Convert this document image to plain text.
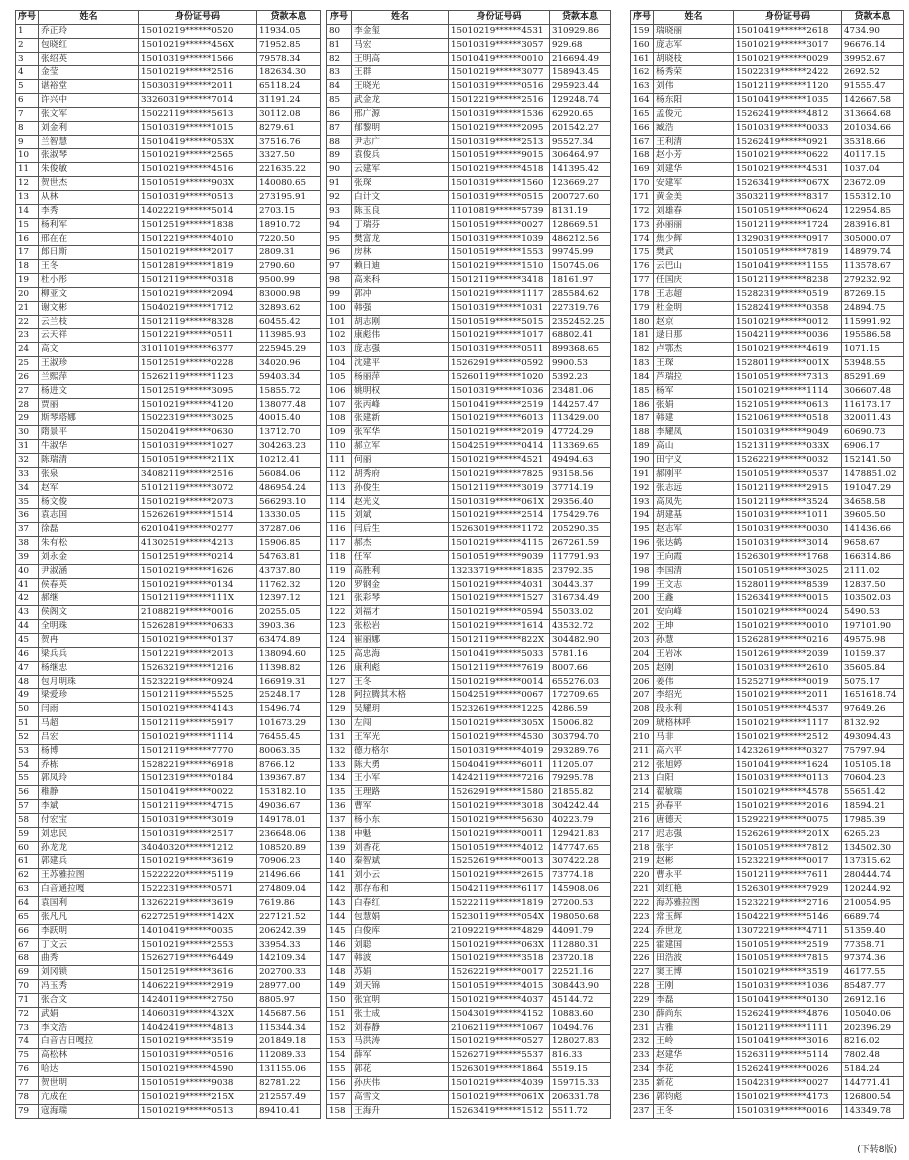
序号	姓名	身份证号码	贷款本息
1	乔正玲	15010219******0520	11934.05
2	包晓红	15010219******456X	71952.85
3	张绍英	15010319******1566	79578.34
4	金莹	15010219******2516	182634.30
5	谌裕堂	15030319******2011	65118.24
6	许兴中	33260319******7014	31191.24
7	张文军	15022119******5613	30112.08
8	刘金利	15010319******1015	8279.61
9	兰智慧	15010419******053X	37516.76
10	张淑琴	15010219******2565	3327.50
11	朱俊敏	15010219******4516	221635.22
12	贺世杰	15010519******903X	140080.65
13	从林	15010319******0513	273195.91
14	李秀	14022219******5014	2703.15
15	杨利军	15012519******1838	18910.72
16	邢在在	15012219******4010	7220.50
17	郎日斯	15010219******2017	2809.31
18	王冬	15012819******1819	2790.60
19	杜小彤	15012119******0318	9500.99
20	柳亚文	15010219******2094	83000.98
21	谢文彬	15040219******1712	32893.62
22	云兰枝	15012119******8328	60455.42
23	云天祥	15012219******0511	113985.93
24	高文	31011019******6377	225945.29
25	王淑珍	15012519******0228	34020.96
26	兰熙萍	15262119******1123	59403.34
27	杨进文	15012519******3095	15855.72
28	贾丽	15010219******4120	138077.48
29	斯琴塔娜	15022319******3025	40015.40
30	隋景平	15020419******0630	13712.70
31	牛淑华	15010319******1027	304263.23
32	陈瑞清	15010519******211X	10212.41
33	张泉	34082119******2516	56084.06
34	赵军	51012119******3072	486954.24
35	杨文俊	15010219******2073	566293.10
36	袁志国	15262619******1514	13330.05
37	徐磊	62010419******0277	37287.06
38	朱有松	41302519******4213	15906.85
39	刘永金	15012519******0214	54763.81
40	尹淑涵	15010219******1626	43737.80
41	侯春英	15010219******0134	11762.32
42	郝继	15012119******111X	12397.12
43	侯阁文	21088219******0016	20255.05
44	全明珠	15262819******0633	3903.36
45	贺冉	15010219******0137	63474.89
46	梁兵兵	15012219******2013	138094.60
47	杨继忠	15263219******1216	11398.82
48	包月明珠	15232219******0924	166919.31
49	梁爱珍	15012119******5525	25248.17
50	闫雨	15010219******4143	15496.74
51	马超	15012119******5917	101673.29
52	吕宏	15010219******1114	76455.45
53	杨博	15012119******7770	80063.35
54	乔栋	15282219******6918	8766.12
55	郭凤玲	15012319******0184	139367.87
56	稚静	15010419******0022	153182.10
57	李斌	15012119******4715	49036.67
58	付宏宝	15010319******3019	149178.01
59	刘忠民	15010319******2517	236648.06
60	孙龙龙	34040320******1212	108520.89
61	郭建兵	15010219******3619	70906.23
62	王苏雅拉图	15222220******5119	21496.66
63	白音通拉嘎	15222319******0571	274809.04
64	袁国利	13262219******3619	7619.86
65	张凡凡	62272519******142X	227121.52
66	李跃明	14010419******0035	206242.39
67	丁文云	15010219******2553	33954.33
68	曲秀	15262719******6449	142109.34
69	刘冈锁	15012519******3616	202700.33
70	冯玉秀	14062219******2919	28977.00
71	张合文	14240119******2750	8805.97
72	武娟	14060319******432X	145687.56
73	李文浩	14042419******4813	115344.34
74	白音吉日嘎拉	15010219******3519	201849.18
75	高松林	15010319******0516	112089.33
76	哈达	15010219******4590	131155.06
77	贺世明	15010519******9038	82781.22
78	亢成在	15010219******215X	212557.49
79	寇海瑞	15010219******0513	89410.41
序号	姓名	身份证号码	贷款本息
80	李金玺	15010219******4531	310929.86
81	马宏	15010319******3057	929.68
82	王明高	15010419******0010	216694.49
83	王群	15010219******3077	158943.45
84	王晓光	15010319******0516	295923.44
85	武金龙	15012219******2516	129248.74
86	邢广源	15010319******1536	62920.65
87	郁黎明	15010219******2095	201542.27
88	尹志广	15010319******2513	95527.34
89	袁俊兵	15010519******9015	306464.97
90	云建军	15010219******4518	141395.42
91	张琛	15010319******1560	123669.27
92	白计文	15010319******0515	200727.60
93	陈玉良	11010819******5739	8131.19
94	丁瑞芬	15010519******0027	128669.51
95	樊富龙	15010319******1039	486212.56
96	房林	15010519******1553	99745.99
97	赖日迪	15010219******1510	150745.06
98	高来科	15012119******3418	18161.97
99	郭冲	15010219******1117	285584.62
100	韩强	15010319******1031	227319.76
101	胡志刚	15010519******5015	2352452.25
102	康彪伟	15010219******1017	68802.41
103	庞志强	15010319******0511	899368.65
104	沈建平	15262919******0592	9900.53
105	杨丽萍	15260119******1020	5392.23
106	姚明权	15010319******1036	23481.06
107	张丙峰	15010419******2519	144257.47
108	张建新	15010219******6013	113429.00
109	张军华	15010219******2019	47724.29
110	郝立军	15042519******0414	113369.65
111	何丽	15010219******4521	49494.63
112	胡秀府	15010219******7825	93158.56
113	孙俊生	15012119******3019	37714.19
114	赵光义	15010319******061X	29356.40
115	刘斌	15010219******2514	175429.76
116	闫后生	15263019******1172	205290.35
117	郝杰	15010219******4115	267261.59
118	任军	15010519******9039	117791.93
119	高胜利	13233719******1835	23792.35
120	罗钢金	15010219******4031	30443.37
121	张彩琴	15010219******1527	316734.49
122	刘福才	15010219******0594	55033.02
123	张松岩	15010219******1614	43532.72
124	崔丽娜	15012119******822X	304482.90
125	高忠海	15010419******5033	5781.16
126	康利彪	15012119******7619	8007.66
127	王冬	15010219******0014	655276.03
128	阿拉腾其木格	15042519******0067	172709.65
129	吴耀玥	15232619******1225	4286.59
130	左闯	15010219******305X	15006.82
131	王军光	15010219******4530	303794.70
132	德力格尔	15010319******4019	293289.76
133	陈大勇	15040419******6011	11205.07
134	王小军	14242119******7216	79295.78
135	王理路	15262919******1580	21855.82
136	曹军	15010219******3018	304242.44
137	杨小东	15010219******5630	40223.79
138	申魁	15010219******0011	129421.83
139	刘香花	15010519******4012	147747.65
140	秦智斌	15252619******0013	307422.28
141	刘小云	15010219******2615	73774.18
142	那存布和	15042119******6117	145908.06
143	白春红	15222119******1819	27200.53
144	包慧娟	15230119******054X	198050.68
145	白俊库	21092219******4829	44091.79
146	刘聪	15010219******063X	112880.31
147	韩波	15010219******3518	23720.18
148	苏娟	15262219******0017	22521.16
149	刘天锦	15010519******4015	308443.90
150	张宜明	15010219******4037	45144.72
151	张士成	15043019******4152	10883.60
152	刘春静	21062119******1067	10494.76
153	马洪涛	15010219******0527	128027.83
154	薛军	15262719******5537	816.33
155	郭花	15263019******1864	5519.15
156	孙庆伟	15010219******4039	159715.33
157	高雪文	15010219******061X	206331.78
158	王海升	15263419******1512	5511.72
序号	姓名	身份证号码	贷款本息
159	瑞晓丽	15010419******2618	4734.90
160	庞志军	15010219******3017	96676.14
161	胡晓枝	15010219******0029	39952.67
162	杨秀荣	15022319******2422	2692.52
163	刘伟	15012119******1120	91555.47
164	杨东阳	15010419******1035	142667.58
165	孟俊元	15262419******4812	313664.68
166	臧浩	15010319******0033	201034.66
167	王利清	15262419******0921	35318.66
168	赵小芳	15010219******0622	40117.15
169	刘建华	15010219******4531	1037.04
170	安建军	15263419******067X	23672.09
171	黄金美	35032119******8317	155312.10
172	刘雄春	15010519******0624	122954.85
173	孙丽丽	15012119******1724	283916.81
174	焦少辉	13290319******0917	305000.07
175	樊武	15010519******7819	148979.74
176	云巴山	15010419******1155	113578.67
177	任国庆	15012119******8238	279232.92
178	王志超	15282319******0519	87269.15
179	杜金明	15282419******0358	24894.75
180	赵京	15010219******0012	115991.92
181	逯日那	15042119******0036	195586.58
182	卢鄂杰	15010219******4619	1071.15
183	王琛	15280119******001X	53948.55
184	芦瑞拉	15010519******7313	85291.69
185	杨军	15010219******1114	306607.48
186	张娟	15210519******0613	116173.17
187	韩建	15210619******0518	320011.43
188	李耀凤	15010319******9049	60690.73
189	高山	15213119******033X	6906.17
190	田宁义	15262219******0032	152141.50
191	郝刚平	15010519******0537	1478851.02
192	张志远	15012119******2915	191047.29
193	高凤先	15012119******3524	34658.58
194	胡建基	15010319******1011	39605.50
195	赵志军	15010319******0030	141436.66
196	张达鹤	15010319******3014	9658.67
197	王向霞	15263019******1768	166314.86
198	李国清	15010519******3025	2111.02
199	王文志	15280119******8539	12837.50
200	王鑫	15263419******0015	103502.03
201	安向峰	15010219******0024	5490.53
202	王坤	15010219******0010	197101.90
203	孙慧	15262819******0216	49575.98
204	王岩冰	15012619******2039	10159.37
205	赵刚	15010319******2610	35605.84
206	姜伟	15252719******0019	5075.17
207	李绍光	15010219******2011	1651618.74
208	段永利	15010519******4537	97649.26
209	琥格林呼	15010219******1117	8132.92
210	马非	15010219******2512	493094.43
211	高六平	14232619******0327	75797.94
212	张旭婷	15010419******1624	105105.18
213	白阳	15010319******0113	70604.23
214	翟敏瑞	15010219******4578	55651.42
215	孙春平	15010219******2016	18594.21
216	唐德天	15292219******0075	17985.39
217	迟志强	15262619******201X	6265.23
218	张宇	15010519******7812	134502.30
219	赵彬	15232219******0017	137315.62
220	曹永平	15012119******7611	280444.74
221	刘红艳	15263019******7929	120244.92
222	海苏雅拉图	15232219******2716	210054.95
223	常玉辉	15042219******5146	6689.74
224	乔世龙	13072219******4711	51359.40
225	霍建国	15010519******2519	77358.71
226	田浩波	15010519******7815	97374.36
227	窦王博	15010219******3519	46177.55
228	王刚	15010319******1036	85487.77
229	李磊	15010419******0130	26912.16
230	薛尚东	15262419******4876	105040.06
231	古雅	15012119******1111	202396.29
232	王岭	15010419******3016	8216.02
233	赵建华	15263119******5114	7802.48
234	李花	15262419******0026	5184.24
235	新花	15042319******0027	144771.41
236	郭钧彪	15010219******4173	126800.54
237	王冬	15010319******0016	143349.78
(下转8版)
